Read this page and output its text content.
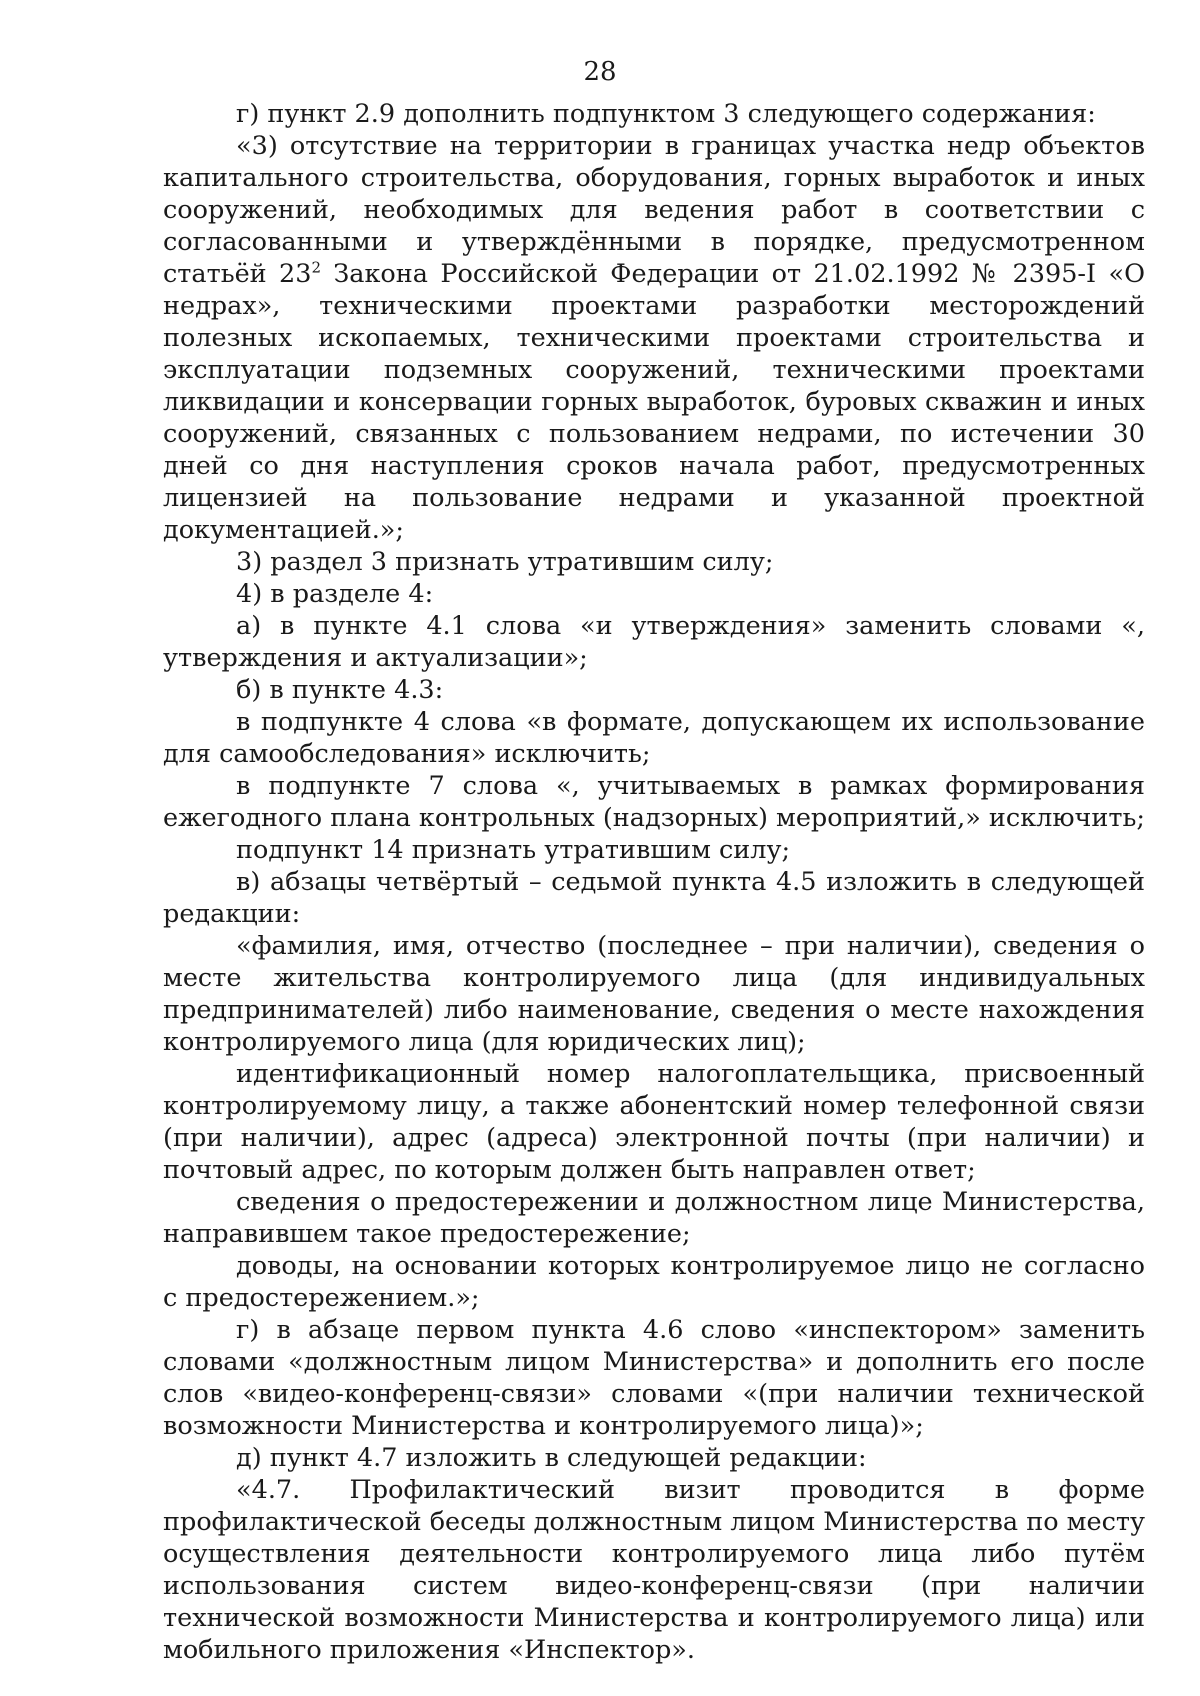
28

г) пункт 2.9 дополнить подпунктом 3 следующего содержания:

«3) отсутствие на территории в границах участка недр объектов капитального строительства, оборудования, горных выработок и иных сооружений, необходимых для ведения работ в соответствии с согласованными и утверждёнными в порядке, предусмотренном статьёй $23^2$ Закона Российской Федерации от 21.02.1992 № 2395-I «О недрах», техническими проектами разработки месторождений полезных ископаемых, техническими проектами строительства и эксплуатации подземных сооружений, техническими проектами ликвидации и консервации горных выработок, буровых скважин и иных сооружений, связанных с пользованием недрами, по истечении 30 дней со дня наступления сроков начала работ, предусмотренных лицензией на пользование недрами и указанной проектной документацией.»;

3) раздел 3 признать утратившим силу;

4) в разделе 4:

а) в пункте 4.1 слова «и утверждения» заменить словами «, утверждения и актуализации»;

б) в пункте 4.3:

в подпункте 4 слова «в формате, допускающем их использование для самообследования» исключить;

в подпункте 7 слова «, учитываемых в рамках формирования ежегодного плана контрольных (надзорных) мероприятий,» исключить;

подпункт 14 признать утратившим силу;

в) абзацы четвёртый – седьмой пункта 4.5 изложить в следующей редакции:

«фамилия, имя, отчество (последнее – при наличии), сведения о месте жительства контролируемого лица (для индивидуальных предпринимателей) либо наименование, сведения о месте нахождения контролируемого лица (для юридических лиц);

идентификационный номер налогоплательщика, присвоенный контролируемому лицу, а также абонентский номер телефонной связи (при наличии), адрес (адреса) электронной почты (при наличии) и почтовый адрес, по которым должен быть направлен ответ;

сведения о предостережении и должностном лице Министерства, направившем такое предостережение;

доводы, на основании которых контролируемое лицо не согласно с предостережением.»;

г) в абзаце первом пункта 4.6 слово «инспектором» заменить словами «должностным лицом Министерства» и дополнить его после слов «видео-конференц-связи» словами «(при наличии технической возможности Министерства и контролируемого лица)»;

д) пункт 4.7 изложить в следующей редакции:

«4.7. Профилактический визит проводится в форме профилактической беседы должностным лицом Министерства по месту осуществления деятельности контролируемого лица либо путём использования систем видео-конференц-связи (при наличии технической возможности Министерства и контролируемого лица) или мобильного приложения «Инспектор».
